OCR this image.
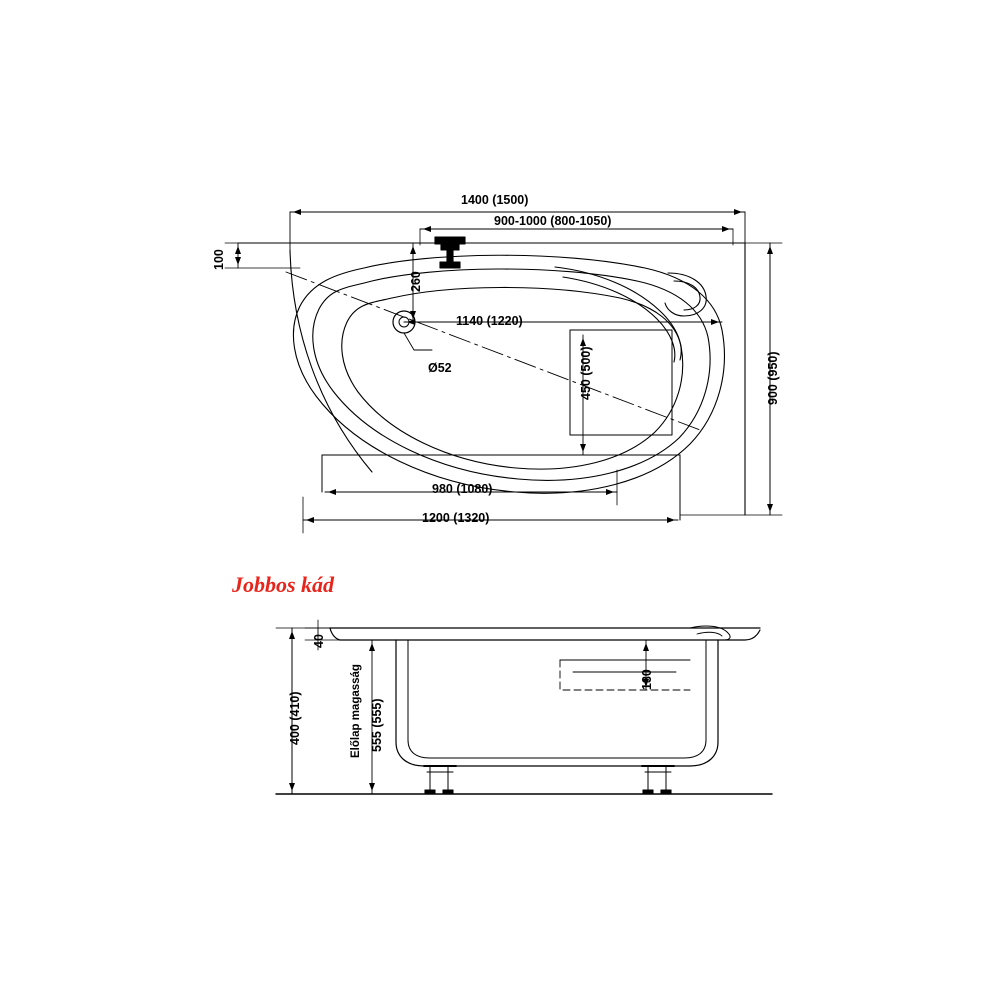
1400 (1500)
900-1000 (800-1050)
100
260
Ø52
1140 (1220)
450 (500)	900 (950)
980 (1080)
1200 (1320)
Jobbos kád
40
400 (410)	Előlap magasság 555 (555)
130
